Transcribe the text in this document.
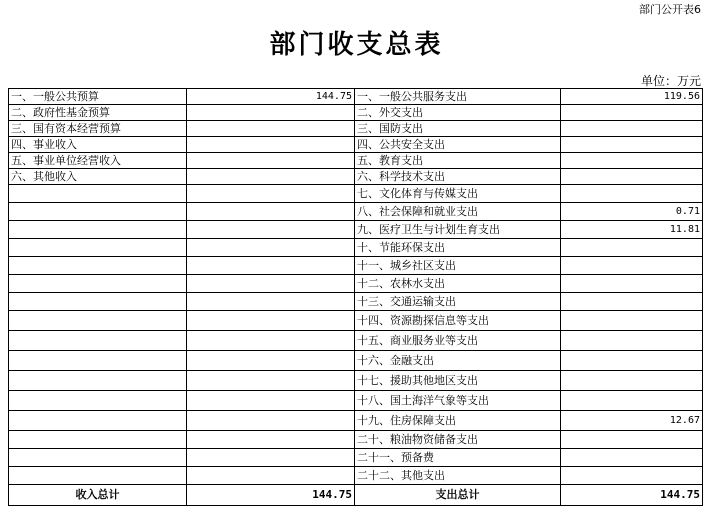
部门公开表6
部门收支总表
单位：万元
一、一般公共预算	144.75	一、一般公共服务支出	119.56
二、政府性基金预算		二、外交支出	
三、国有资本经营预算		三、国防支出	
四、事业收入		四、公共安全支出	
五、事业单位经营收入		五、教育支出	
六、其他收入		六、科学技术支出	
		七、文化体育与传媒支出	
		八、社会保障和就业支出	0.71
		九、医疗卫生与计划生育支出	11.81
		十、节能环保支出	
		十一、城乡社区支出	
		十二、农林水支出	
		十三、交通运输支出	
		十四、资源勘探信息等支出	
		十五、商业服务业等支出	
		十六、金融支出	
		十七、援助其他地区支出	
		十八、国土海洋气象等支出	
		十九、住房保障支出	12.67
		二十、粮油物资储备支出	
		二十一、预备费	
		二十二、其他支出	
收入总计	144.75	支出总计	144.75
